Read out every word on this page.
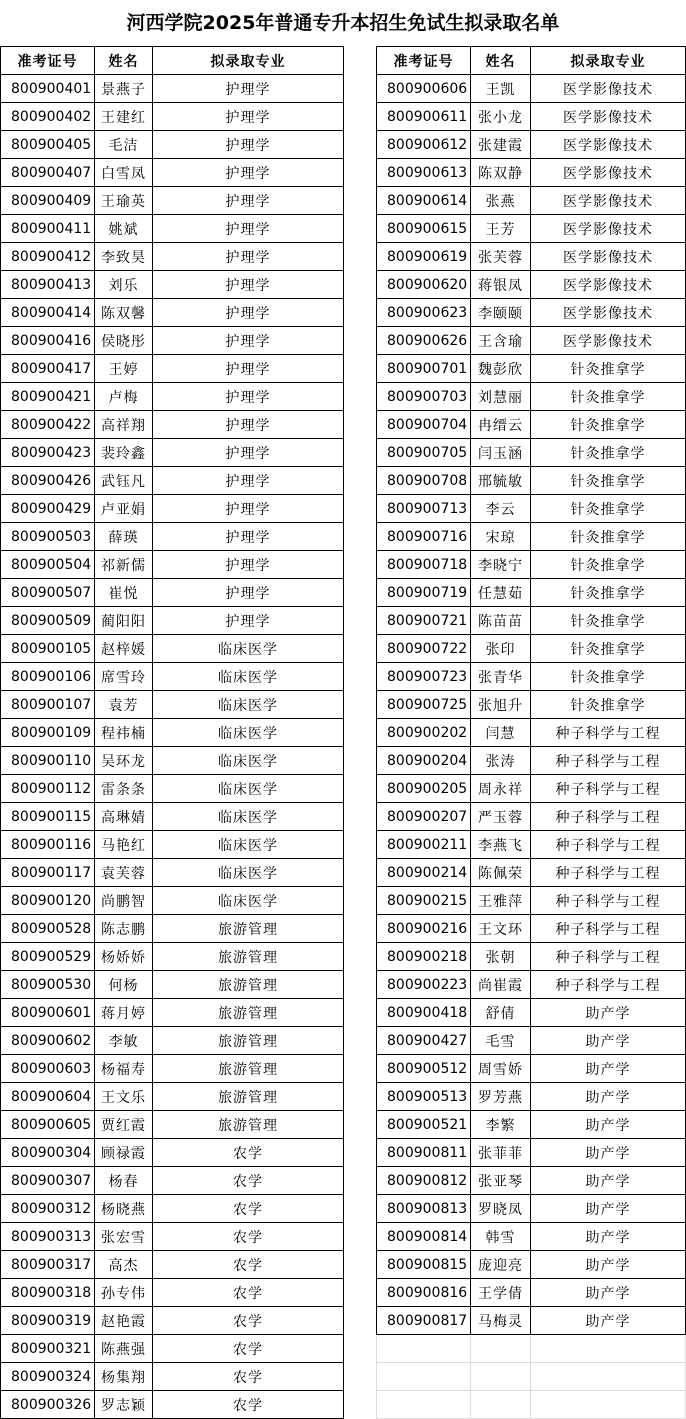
河西学院2025年普通专升本招生免试生拟录取名单
准考证号	姓名	拟录取专业
800900401	景燕子	护理学
800900402	王建红	护理学
800900405	毛洁	护理学
800900407	白雪凤	护理学
800900409	王瑜英	护理学
800900411	姚斌	护理学
800900412	李致昊	护理学
800900413	刘乐	护理学
800900414	陈双馨	护理学
800900416	侯晓彤	护理学
800900417	王婷	护理学
800900421	卢梅	护理学
800900422	高祥翔	护理学
800900423	裴玲鑫	护理学
800900426	武钰凡	护理学
800900429	卢亚娟	护理学
800900503	薛瑛	护理学
800900504	祁新儒	护理学
800900507	崔悦	护理学
800900509	蔺阳阳	护理学
800900105	赵梓媛	临床医学
800900106	席雪玲	临床医学
800900107	袁芳	临床医学
800900109	程祎楠	临床医学
800900110	吴环龙	临床医学
800900112	雷条条	临床医学
800900115	高琳婧	临床医学
800900116	马艳红	临床医学
800900117	袁芙蓉	临床医学
800900120	尚鹏智	临床医学
800900528	陈志鹏	旅游管理
800900529	杨娇娇	旅游管理
800900530	何杨	旅游管理
800900601	蒋月婷	旅游管理
800900602	李敏	旅游管理
800900603	杨福寿	旅游管理
800900604	王文乐	旅游管理
800900605	贾红霞	旅游管理
800900304	顾禄霞	农学
800900307	杨春	农学
800900312	杨晓燕	农学
800900313	张宏雪	农学
800900317	高杰	农学
800900318	孙专伟	农学
800900319	赵艳霞	农学
800900321	陈燕强	农学
800900324	杨集翔	农学
800900326	罗志颖	农学
准考证号	姓名	拟录取专业
800900606	王凯	医学影像技术
800900611	张小龙	医学影像技术
800900612	张建霞	医学影像技术
800900613	陈双静	医学影像技术
800900614	张燕	医学影像技术
800900615	王芳	医学影像技术
800900619	张芙蓉	医学影像技术
800900620	蒋银凤	医学影像技术
800900623	李颐颐	医学影像技术
800900626	王含瑜	医学影像技术
800900701	魏彭欣	针灸推拿学
800900703	刘慧丽	针灸推拿学
800900704	冉缙云	针灸推拿学
800900705	闫玉涵	针灸推拿学
800900708	邢毓敏	针灸推拿学
800900713	李云	针灸推拿学
800900716	宋琼	针灸推拿学
800900718	李晓宁	针灸推拿学
800900719	任慧茹	针灸推拿学
800900721	陈苗苗	针灸推拿学
800900722	张印	针灸推拿学
800900723	张青华	针灸推拿学
800900725	张旭升	针灸推拿学
800900202	闫慧	种子科学与工程
800900204	张涛	种子科学与工程
800900205	周永祥	种子科学与工程
800900207	严玉蓉	种子科学与工程
800900211	李燕飞	种子科学与工程
800900214	陈佩荣	种子科学与工程
800900215	王雅萍	种子科学与工程
800900216	王文环	种子科学与工程
800900218	张朝	种子科学与工程
800900223	尚崔霞	种子科学与工程
800900418	舒倩	助产学
800900427	毛雪	助产学
800900512	周雪娇	助产学
800900513	罗芳燕	助产学
800900521	李繁	助产学
800900811	张菲菲	助产学
800900812	张亚琴	助产学
800900813	罗晓凤	助产学
800900814	韩雪	助产学
800900815	庞迎亮	助产学
800900816	王学倩	助产学
800900817	马梅灵	助产学
